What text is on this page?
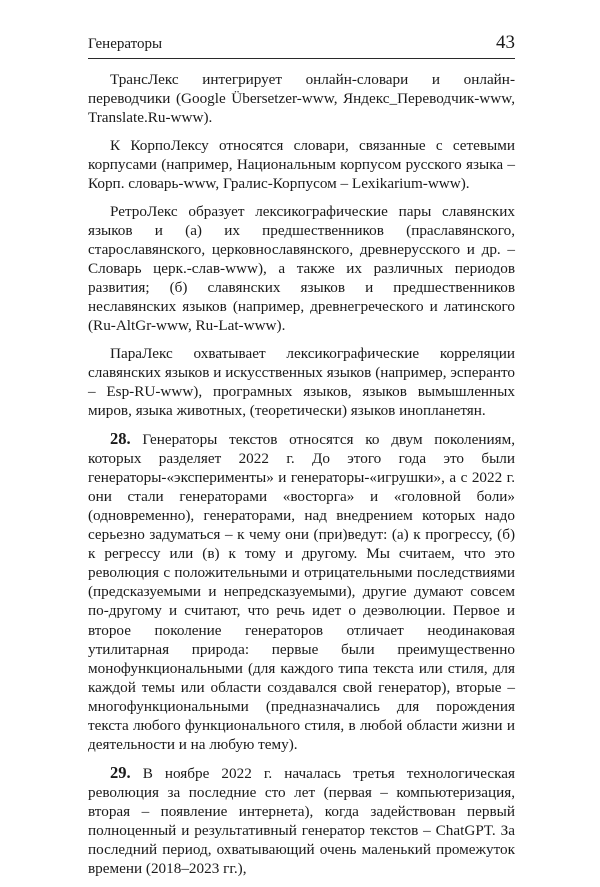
Генераторы	43

ТрансЛекс интегрирует онлайн-словари и онлайн-переводчики (Google Übersetzer-www, Яндекс_Переводчик-www, Translate.Ru-www).

К КорпоЛексу относятся словари, связанные с сетевыми корпусами (например, Национальным корпусом русского языка – Корп. словарь-www, Гралис-Корпусом – Lexikarium-www).

РетроЛекс образует лексикографические пары славянских языков и (а) их предшественников (праславянского, старославянского, церковнославянского, древнерусского и др. – Словарь церк.-слав-www), а также их различных периодов развития; (б) славянских языков и предшественников неславянских языков (например, древнегреческого и латинского (Ru-AltGr-www, Ru-Lat-www).

ПараЛекс охватывает лексикографические корреляции славянских языков и искусственных языков (например, эсперанто – Esp-RU-www), програмных языков, языков вымышленных миров, языка животных, (теоретически) языков инопланетян.

28. Генераторы текстов относятся ко двум поколениям, которых разделяет 2022 г. До этого года это были генераторы-«эксперименты» и генераторы-«игрушки», а с 2022 г. они стали генераторами «восторга» и «головной боли» (одновременно), генераторами, над внедрением которых надо серьезно задуматься – к чему они (при)ведут: (а) к прогрессу, (б) к регрессу или (в) к тому и другому. Мы считаем, что это революция с положительными и отрицательными последствиями (предсказуемыми и непредсказуемыми), другие думают совсем по-другому и считают, что речь идет о деэволюции. Первое и второе поколение генераторов отличает неодинаковая утилитарная природа: первые были преимущественно монофункциональными (для каждого типа текста или стиля, для каждой темы или области создавался свой генератор), вторые – многофункциональными (предназначались для порождения текста любого функционального стиля, в любой области жизни и деятельности и на любую тему).

29. В ноябре 2022 г. началась третья технологическая революция за последние сто лет (первая – компьютеризация, вторая – появление интернета), когда задействован первый полноценный и результативный генератор текстов – ChatGPT. За последний период, охватывающий очень маленький промежуток времени (2018–2023 гг.),
